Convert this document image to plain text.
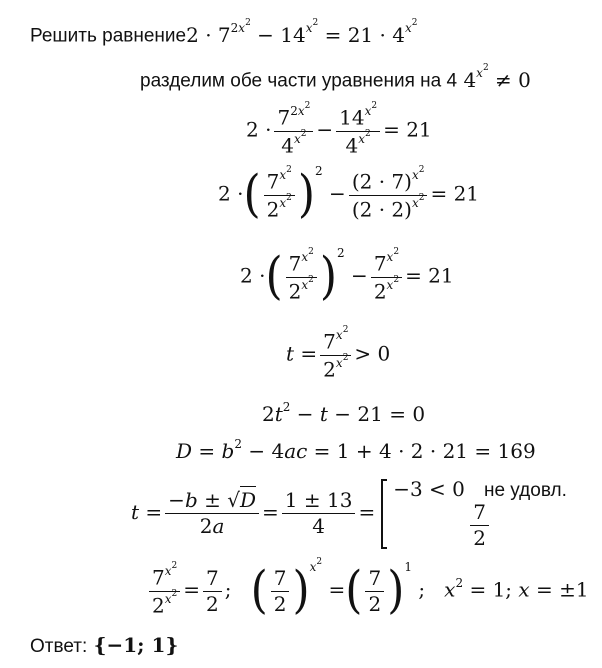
Решить равнение2 · $7^{2x^2} - 14^{x^2} = 21 \cdot 4^{x^2}$
разделим обе части уравнения на 4 $4^{x^2} \ne 0$
$2 \cdot \frac{7^{2x^2}}{4^{x^2}} - \frac{14^{x^2}}{4^{x^2}} = 21$
2 ·( $\frac{7^{x^2}}{2^{x^2}} )^2 - \frac{(2 \cdot 7)^{x^2}}{(2 \cdot 2)^{x^2}} = 21$
2 ·( $\frac{7^{x^2}}{2^{x^2}} )^2 - \frac{7^{x^2}}{2^{x^2}} = 21$
$t = \frac{7^{x^2}}{2^{x^2}} > 0$
$2t^2 - t - 21 = 0$
$D = b^2 - 4ac = 1 + 4 \cdot 2 \cdot 21 = 169$
$t = \frac{-b \pm √D}{2a} = \frac{1 \pm 13}{4}$ =
−3 < 0   не удовл.
$\frac{7}{2}$
$\frac{7^{x^2}}{2^{x^2}} = \frac{7}{2}$ ;   ( $\frac{7}{2} )^{x^2}$ =( $\frac{7}{2} )^1$ ;   $x^2 = 1$; x = ±1
Ответ: {−1; 1}
